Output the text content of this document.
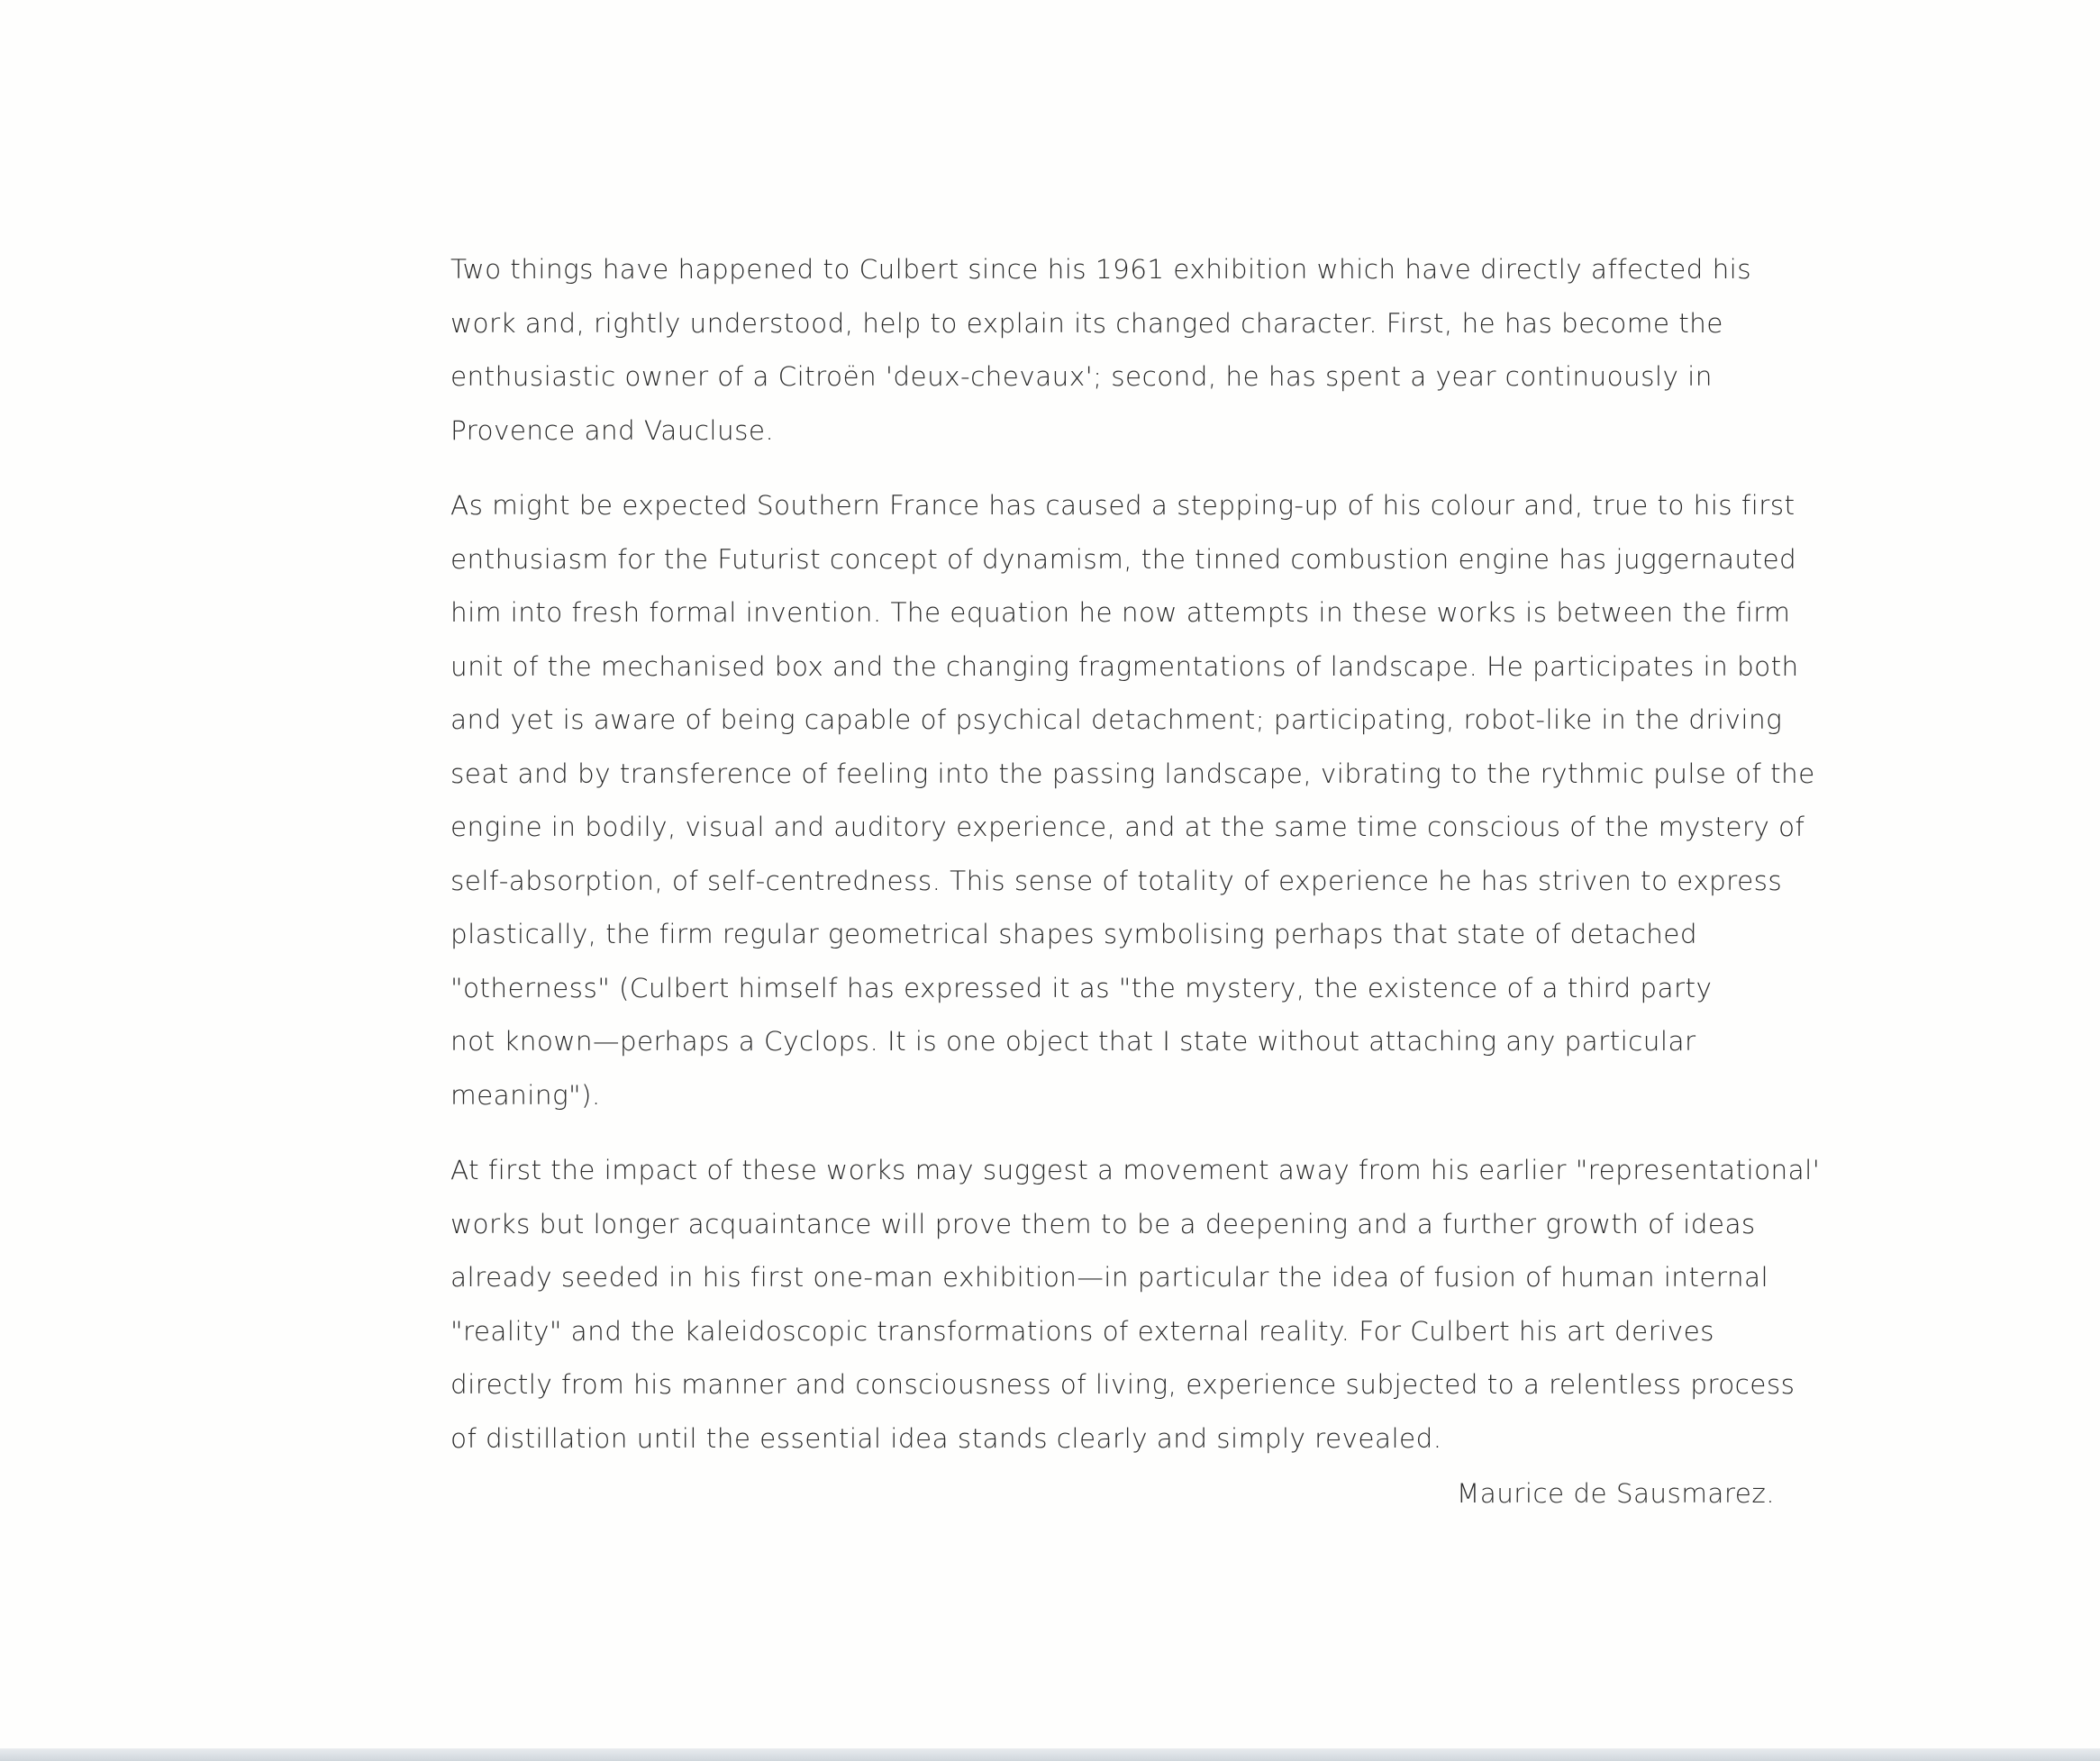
Two things have happened to Culbert since his 1961 exhibition which have directly affected his
work and, rightly understood, help to explain its changed character. First, he has become the
enthusiastic owner of a Citroën 'deux-chevaux'; second, he has spent a year continuously in
Provence and Vaucluse.

As might be expected Southern France has caused a stepping-up of his colour and, true to his first
enthusiasm for the Futurist concept of dynamism, the tinned combustion engine has juggernauted
him into fresh formal invention. The equation he now attempts in these works is between the firm
unit of the mechanised box and the changing fragmentations of landscape. He participates in both
and yet is aware of being capable of psychical detachment; participating, robot-like in the driving
seat and by transference of feeling into the passing landscape, vibrating to the rythmic pulse of the
engine in bodily, visual and auditory experience, and at the same time conscious of the mystery of
self-absorption, of self-centredness. This sense of totality of experience he has striven to express
plastically, the firm regular geometrical shapes symbolising perhaps that state of detached
"otherness" (Culbert himself has expressed it as "the mystery, the existence of a third party
not known—perhaps a Cyclops. It is one object that I state without attaching any particular
meaning").

At first the impact of these works may suggest a movement away from his earlier "representational'
works but longer acquaintance will prove them to be a deepening and a further growth of ideas
already seeded in his first one-man exhibition—in particular the idea of fusion of human internal
"reality" and the kaleidoscopic transformations of external reality. For Culbert his art derives
directly from his manner and consciousness of living, experience subjected to a relentless process
of distillation until the essential idea stands clearly and simply revealed.

Maurice de Sausmarez.
